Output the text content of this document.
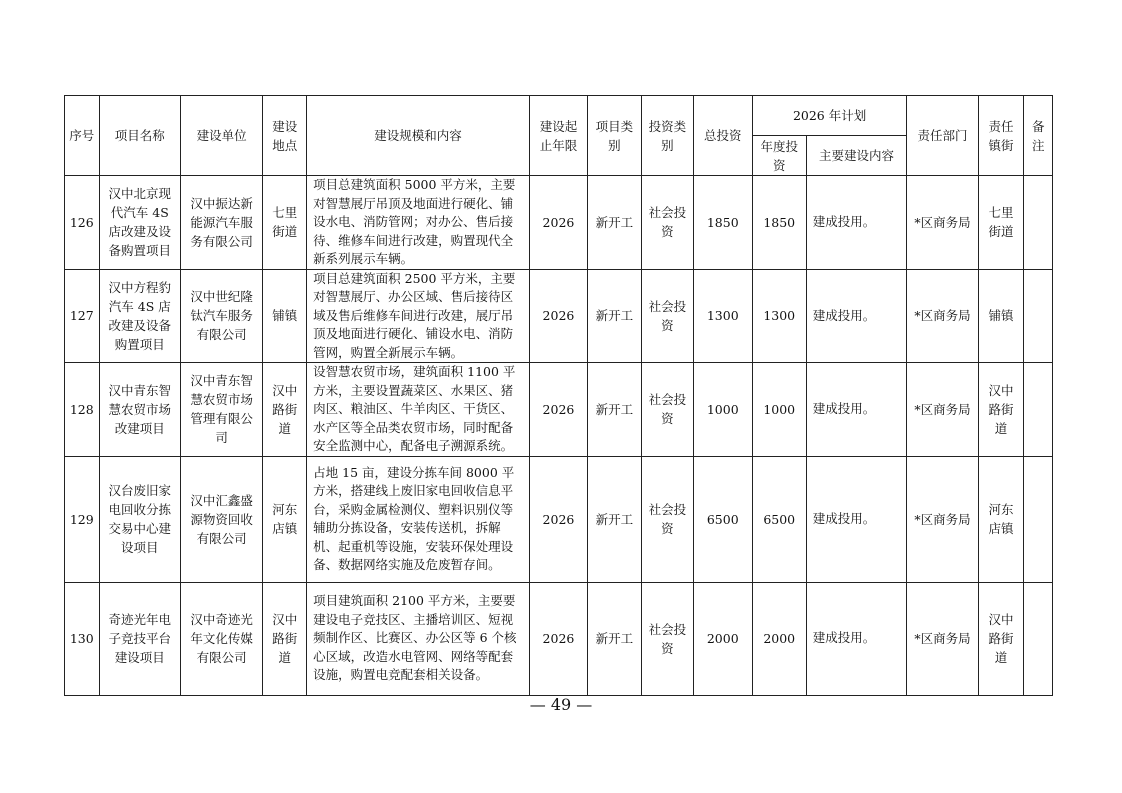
序号	项目名称	建设单位	建设地点	建设规模和内容	建设起止年限	项目类别	投资类别	总投资	2026 年计划		责任部门	责任镇街	备注
									年度投资	主要建设内容			
126	汉中北京现代汽车 4S 店改建及设备购置项目	汉中振达新能源汽车服务有限公司	七里街道	项目总建筑面积 5000 平方米，主要对智慧展厅吊顶及地面进行硬化、铺设水电、消防管网；对办公、售后接待、维修车间进行改建，购置现代全新系列展示车辆。	2026	新开工	社会投资	1850	1850	建成投用。	*区商务局	七里街道	
127	汉中方程豹汽车 4S 店改建及设备购置项目	汉中世纪隆钛汽车服务有限公司	铺镇	项目总建筑面积 2500 平方米，主要对智慧展厅、办公区域、售后接待区域及售后维修车间进行改建，展厅吊顶及地面进行硬化、铺设水电、消防管网，购置全新展示车辆。	2026	新开工	社会投资	1300	1300	建成投用。	*区商务局	铺镇	
128	汉中青东智慧农贸市场改建项目	汉中青东智慧农贸市场管理有限公司	汉中路街道	设智慧农贸市场，建筑面积 1100 平方米，主要设置蔬菜区、水果区、猪肉区、粮油区、牛羊肉区、干货区、水产区等全品类农贸市场，同时配备安全监测中心，配备电子溯源系统。	2026	新开工	社会投资	1000	1000	建成投用。	*区商务局	汉中路街道	
129	汉台废旧家电回收分拣交易中心建设项目	汉中汇鑫盛源物资回收有限公司	河东店镇	占地 15 亩，建设分拣车间 8000 平方米，搭建线上废旧家电回收信息平台，采购金属检测仪、塑料识别仪等辅助分拣设备，安装传送机，拆解机、起重机等设施，安装环保处理设备、数据网络实施及危废暂存间。	2026	新开工	社会投资	6500	6500	建成投用。	*区商务局	河东店镇	
130	奇迹光年电子竞技平台建设项目	汉中奇迹光年文化传媒有限公司	汉中路街道	项目建筑面积 2100 平方米，主要要建设电子竞技区、主播培训区、短视频制作区、比赛区、办公区等 6 个核心区域，改造水电管网、网络等配套设施，购置电竞配套相关设备。	2026	新开工	社会投资	2000	2000	建成投用。	*区商务局	汉中路街道	
— 49 —
